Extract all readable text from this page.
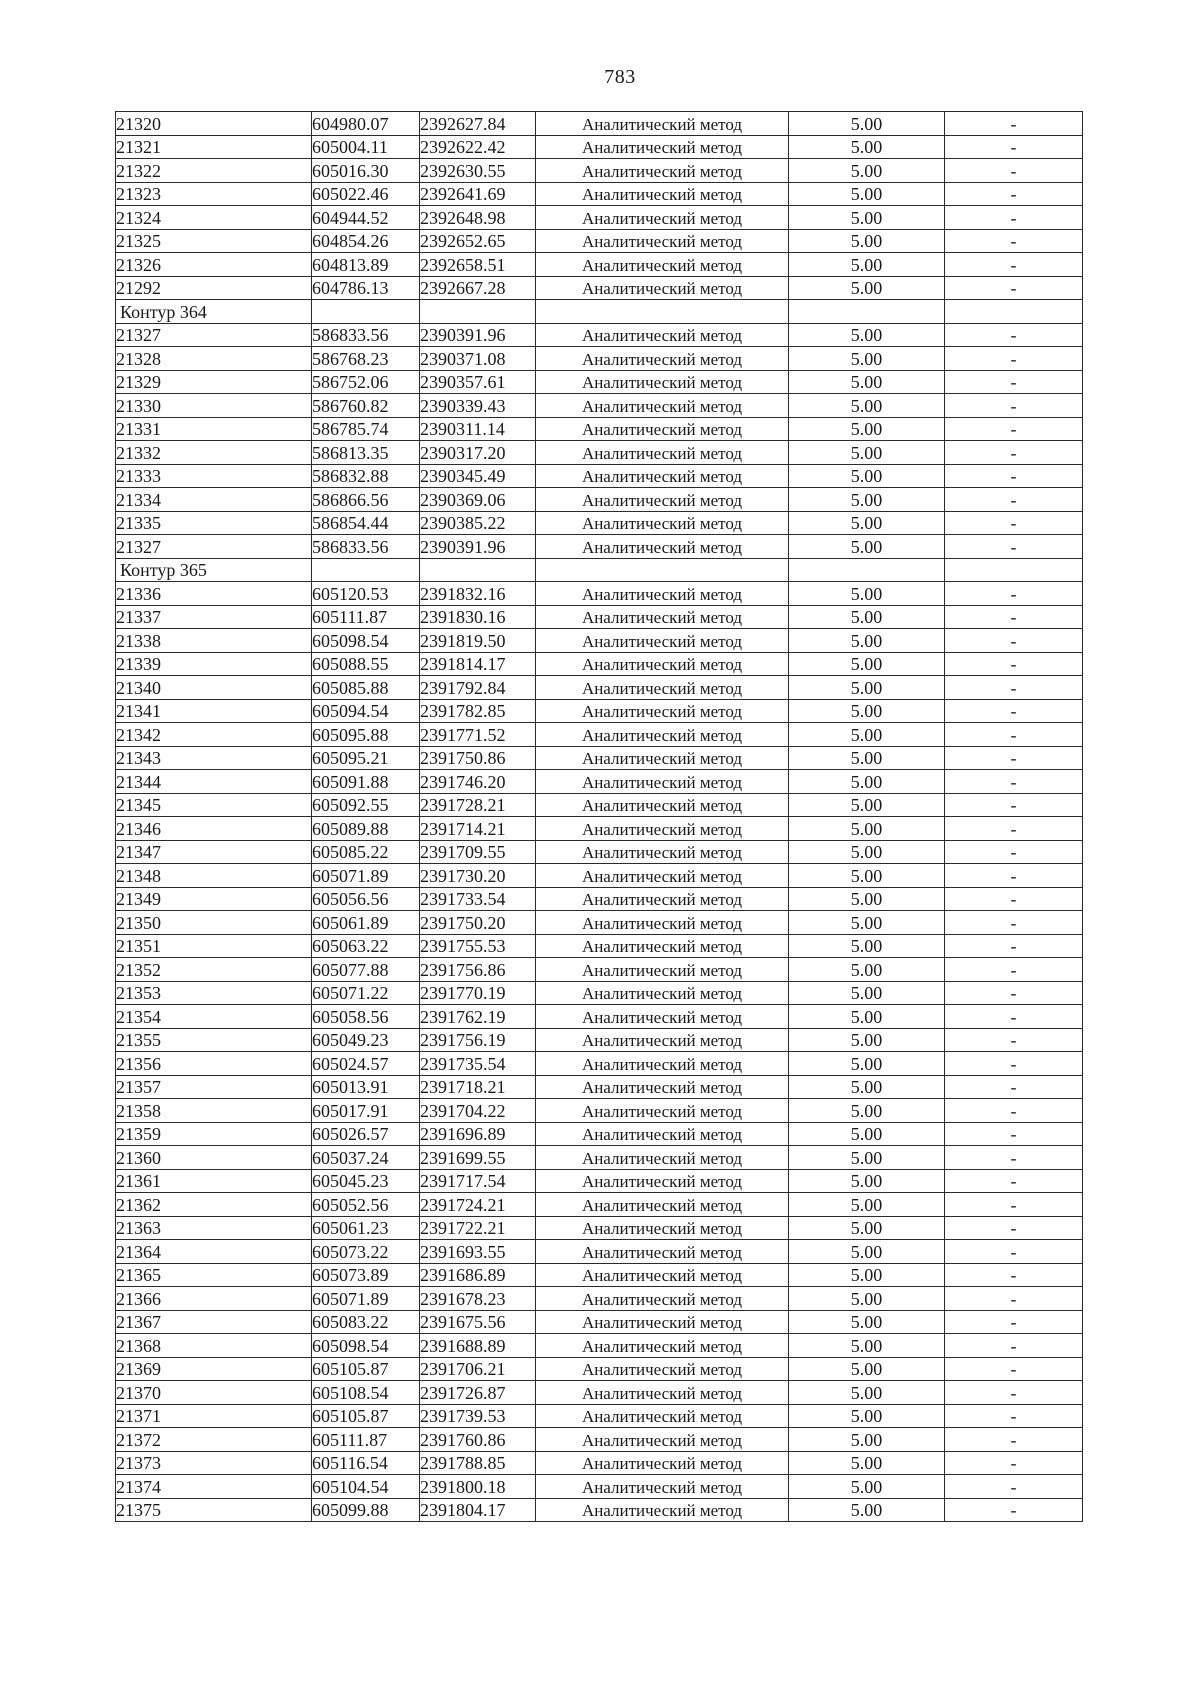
783
21320	604980.07	2392627.84	Аналитический метод	5.00	-
21321	605004.11	2392622.42	Аналитический метод	5.00	-
21322	605016.30	2392630.55	Аналитический метод	5.00	-
21323	605022.46	2392641.69	Аналитический метод	5.00	-
21324	604944.52	2392648.98	Аналитический метод	5.00	-
21325	604854.26	2392652.65	Аналитический метод	5.00	-
21326	604813.89	2392658.51	Аналитический метод	5.00	-
21292	604786.13	2392667.28	Аналитический метод	5.00	-
Контур 364					
21327	586833.56	2390391.96	Аналитический метод	5.00	-
21328	586768.23	2390371.08	Аналитический метод	5.00	-
21329	586752.06	2390357.61	Аналитический метод	5.00	-
21330	586760.82	2390339.43	Аналитический метод	5.00	-
21331	586785.74	2390311.14	Аналитический метод	5.00	-
21332	586813.35	2390317.20	Аналитический метод	5.00	-
21333	586832.88	2390345.49	Аналитический метод	5.00	-
21334	586866.56	2390369.06	Аналитический метод	5.00	-
21335	586854.44	2390385.22	Аналитический метод	5.00	-
21327	586833.56	2390391.96	Аналитический метод	5.00	-
Контур 365					
21336	605120.53	2391832.16	Аналитический метод	5.00	-
21337	605111.87	2391830.16	Аналитический метод	5.00	-
21338	605098.54	2391819.50	Аналитический метод	5.00	-
21339	605088.55	2391814.17	Аналитический метод	5.00	-
21340	605085.88	2391792.84	Аналитический метод	5.00	-
21341	605094.54	2391782.85	Аналитический метод	5.00	-
21342	605095.88	2391771.52	Аналитический метод	5.00	-
21343	605095.21	2391750.86	Аналитический метод	5.00	-
21344	605091.88	2391746.20	Аналитический метод	5.00	-
21345	605092.55	2391728.21	Аналитический метод	5.00	-
21346	605089.88	2391714.21	Аналитический метод	5.00	-
21347	605085.22	2391709.55	Аналитический метод	5.00	-
21348	605071.89	2391730.20	Аналитический метод	5.00	-
21349	605056.56	2391733.54	Аналитический метод	5.00	-
21350	605061.89	2391750.20	Аналитический метод	5.00	-
21351	605063.22	2391755.53	Аналитический метод	5.00	-
21352	605077.88	2391756.86	Аналитический метод	5.00	-
21353	605071.22	2391770.19	Аналитический метод	5.00	-
21354	605058.56	2391762.19	Аналитический метод	5.00	-
21355	605049.23	2391756.19	Аналитический метод	5.00	-
21356	605024.57	2391735.54	Аналитический метод	5.00	-
21357	605013.91	2391718.21	Аналитический метод	5.00	-
21358	605017.91	2391704.22	Аналитический метод	5.00	-
21359	605026.57	2391696.89	Аналитический метод	5.00	-
21360	605037.24	2391699.55	Аналитический метод	5.00	-
21361	605045.23	2391717.54	Аналитический метод	5.00	-
21362	605052.56	2391724.21	Аналитический метод	5.00	-
21363	605061.23	2391722.21	Аналитический метод	5.00	-
21364	605073.22	2391693.55	Аналитический метод	5.00	-
21365	605073.89	2391686.89	Аналитический метод	5.00	-
21366	605071.89	2391678.23	Аналитический метод	5.00	-
21367	605083.22	2391675.56	Аналитический метод	5.00	-
21368	605098.54	2391688.89	Аналитический метод	5.00	-
21369	605105.87	2391706.21	Аналитический метод	5.00	-
21370	605108.54	2391726.87	Аналитический метод	5.00	-
21371	605105.87	2391739.53	Аналитический метод	5.00	-
21372	605111.87	2391760.86	Аналитический метод	5.00	-
21373	605116.54	2391788.85	Аналитический метод	5.00	-
21374	605104.54	2391800.18	Аналитический метод	5.00	-
21375	605099.88	2391804.17	Аналитический метод	5.00	-
